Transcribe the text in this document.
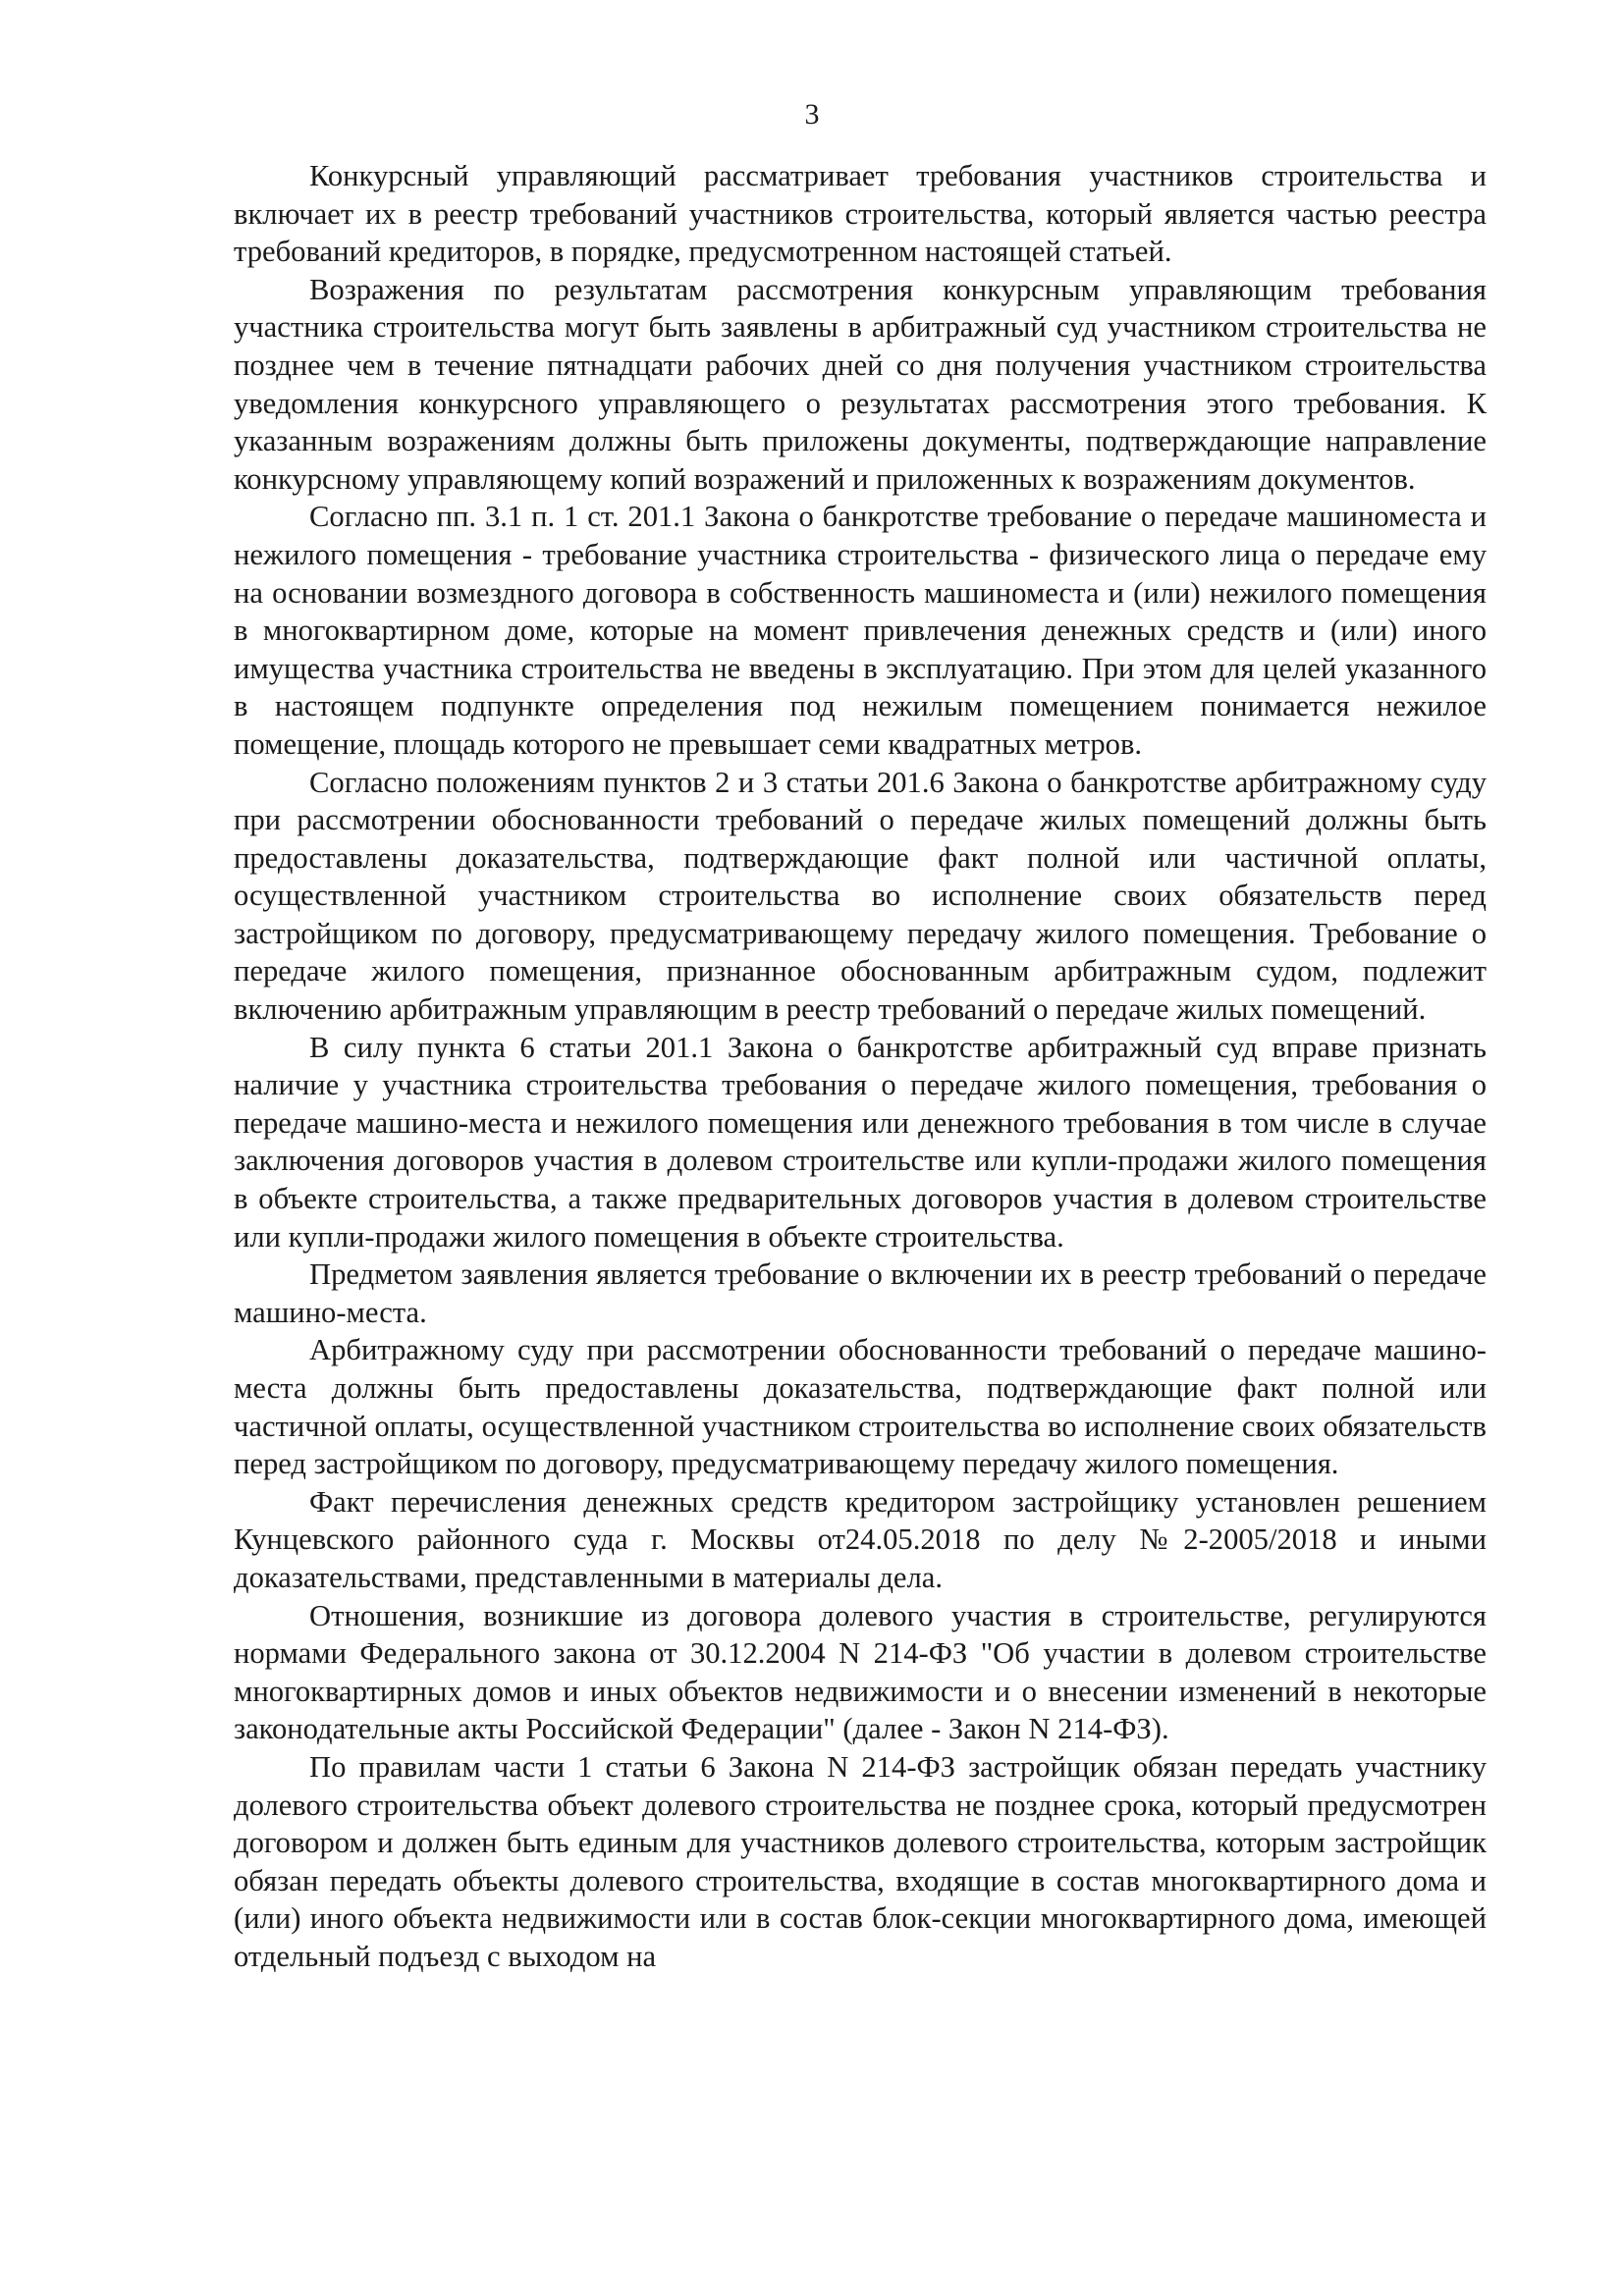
3

Конкурсный управляющий рассматривает требования участников строительства и включает их в реестр требований участников строительства, который является частью реестра требований кредиторов, в порядке, предусмотренном настоящей статьей.

Возражения по результатам рассмотрения конкурсным управляющим требования участника строительства могут быть заявлены в арбитражный суд участником строительства не позднее чем в течение пятнадцати рабочих дней со дня получения участником строительства уведомления конкурсного управляющего о результатах рассмотрения этого требования. К указанным возражениям должны быть приложены документы, подтверждающие направление конкурсному управляющему копий возражений и приложенных к возражениям документов.

Согласно пп. 3.1 п. 1 ст. 201.1 Закона о банкротстве требование о передаче машиноместа и нежилого помещения - требование участника строительства - физического лица о передаче ему на основании возмездного договора в собственность машиноместа и (или) нежилого помещения в многоквартирном доме, которые на момент привлечения денежных средств и (или) иного имущества участника строительства не введены в эксплуатацию. При этом для целей указанного в настоящем подпункте определения под нежилым помещением понимается нежилое помещение, площадь которого не превышает семи квадратных метров.

Согласно положениям пунктов 2 и 3 статьи 201.6 Закона о банкротстве арбитражному суду при рассмотрении обоснованности требований о передаче жилых помещений должны быть предоставлены доказательства, подтверждающие факт полной или частичной оплаты, осуществленной участником строительства во исполнение своих обязательств перед застройщиком по договору, предусматривающему передачу жилого помещения. Требование о передаче жилого помещения, признанное обоснованным арбитражным судом, подлежит включению арбитражным управляющим в реестр требований о передаче жилых помещений.

В силу пункта 6 статьи 201.1 Закона о банкротстве арбитражный суд вправе признать наличие у участника строительства требования о передаче жилого помещения, требования о передаче машино-места и нежилого помещения или денежного требования в том числе в случае заключения договоров участия в долевом строительстве или купли-продажи жилого помещения в объекте строительства, а также предварительных договоров участия в долевом строительстве или купли-продажи жилого помещения в объекте строительства.

Предметом заявления является требование о включении их в реестр требований о передаче машино-места.

Арбитражному суду при рассмотрении обоснованности требований о передаче машино-места должны быть предоставлены доказательства, подтверждающие факт полной или частичной оплаты, осуществленной участником строительства во исполнение своих обязательств перед застройщиком по договору, предусматривающему передачу жилого помещения.

Факт перечисления денежных средств кредитором застройщику установлен решением Кунцевского районного суда г. Москвы от24.05.2018 по делу №2-2005/2018 и иными доказательствами, представленными в материалы дела.

Отношения, возникшие из договора долевого участия в строительстве, регулируются нормами Федерального закона от 30.12.2004 N 214-ФЗ "Об участии в долевом строительстве многоквартирных домов и иных объектов недвижимости и о внесении изменений в некоторые законодательные акты Российской Федерации" (далее - Закон N 214-ФЗ).

По правилам части 1 статьи 6 Закона N 214-ФЗ застройщик обязан передать участнику долевого строительства объект долевого строительства не позднее срока, который предусмотрен договором и должен быть единым для участников долевого строительства, которым застройщик обязан передать объекты долевого строительства, входящие в состав многоквартирного дома и (или) иного объекта недвижимости или в состав блок-секции многоквартирного дома, имеющей отдельный подъезд с выходом на
